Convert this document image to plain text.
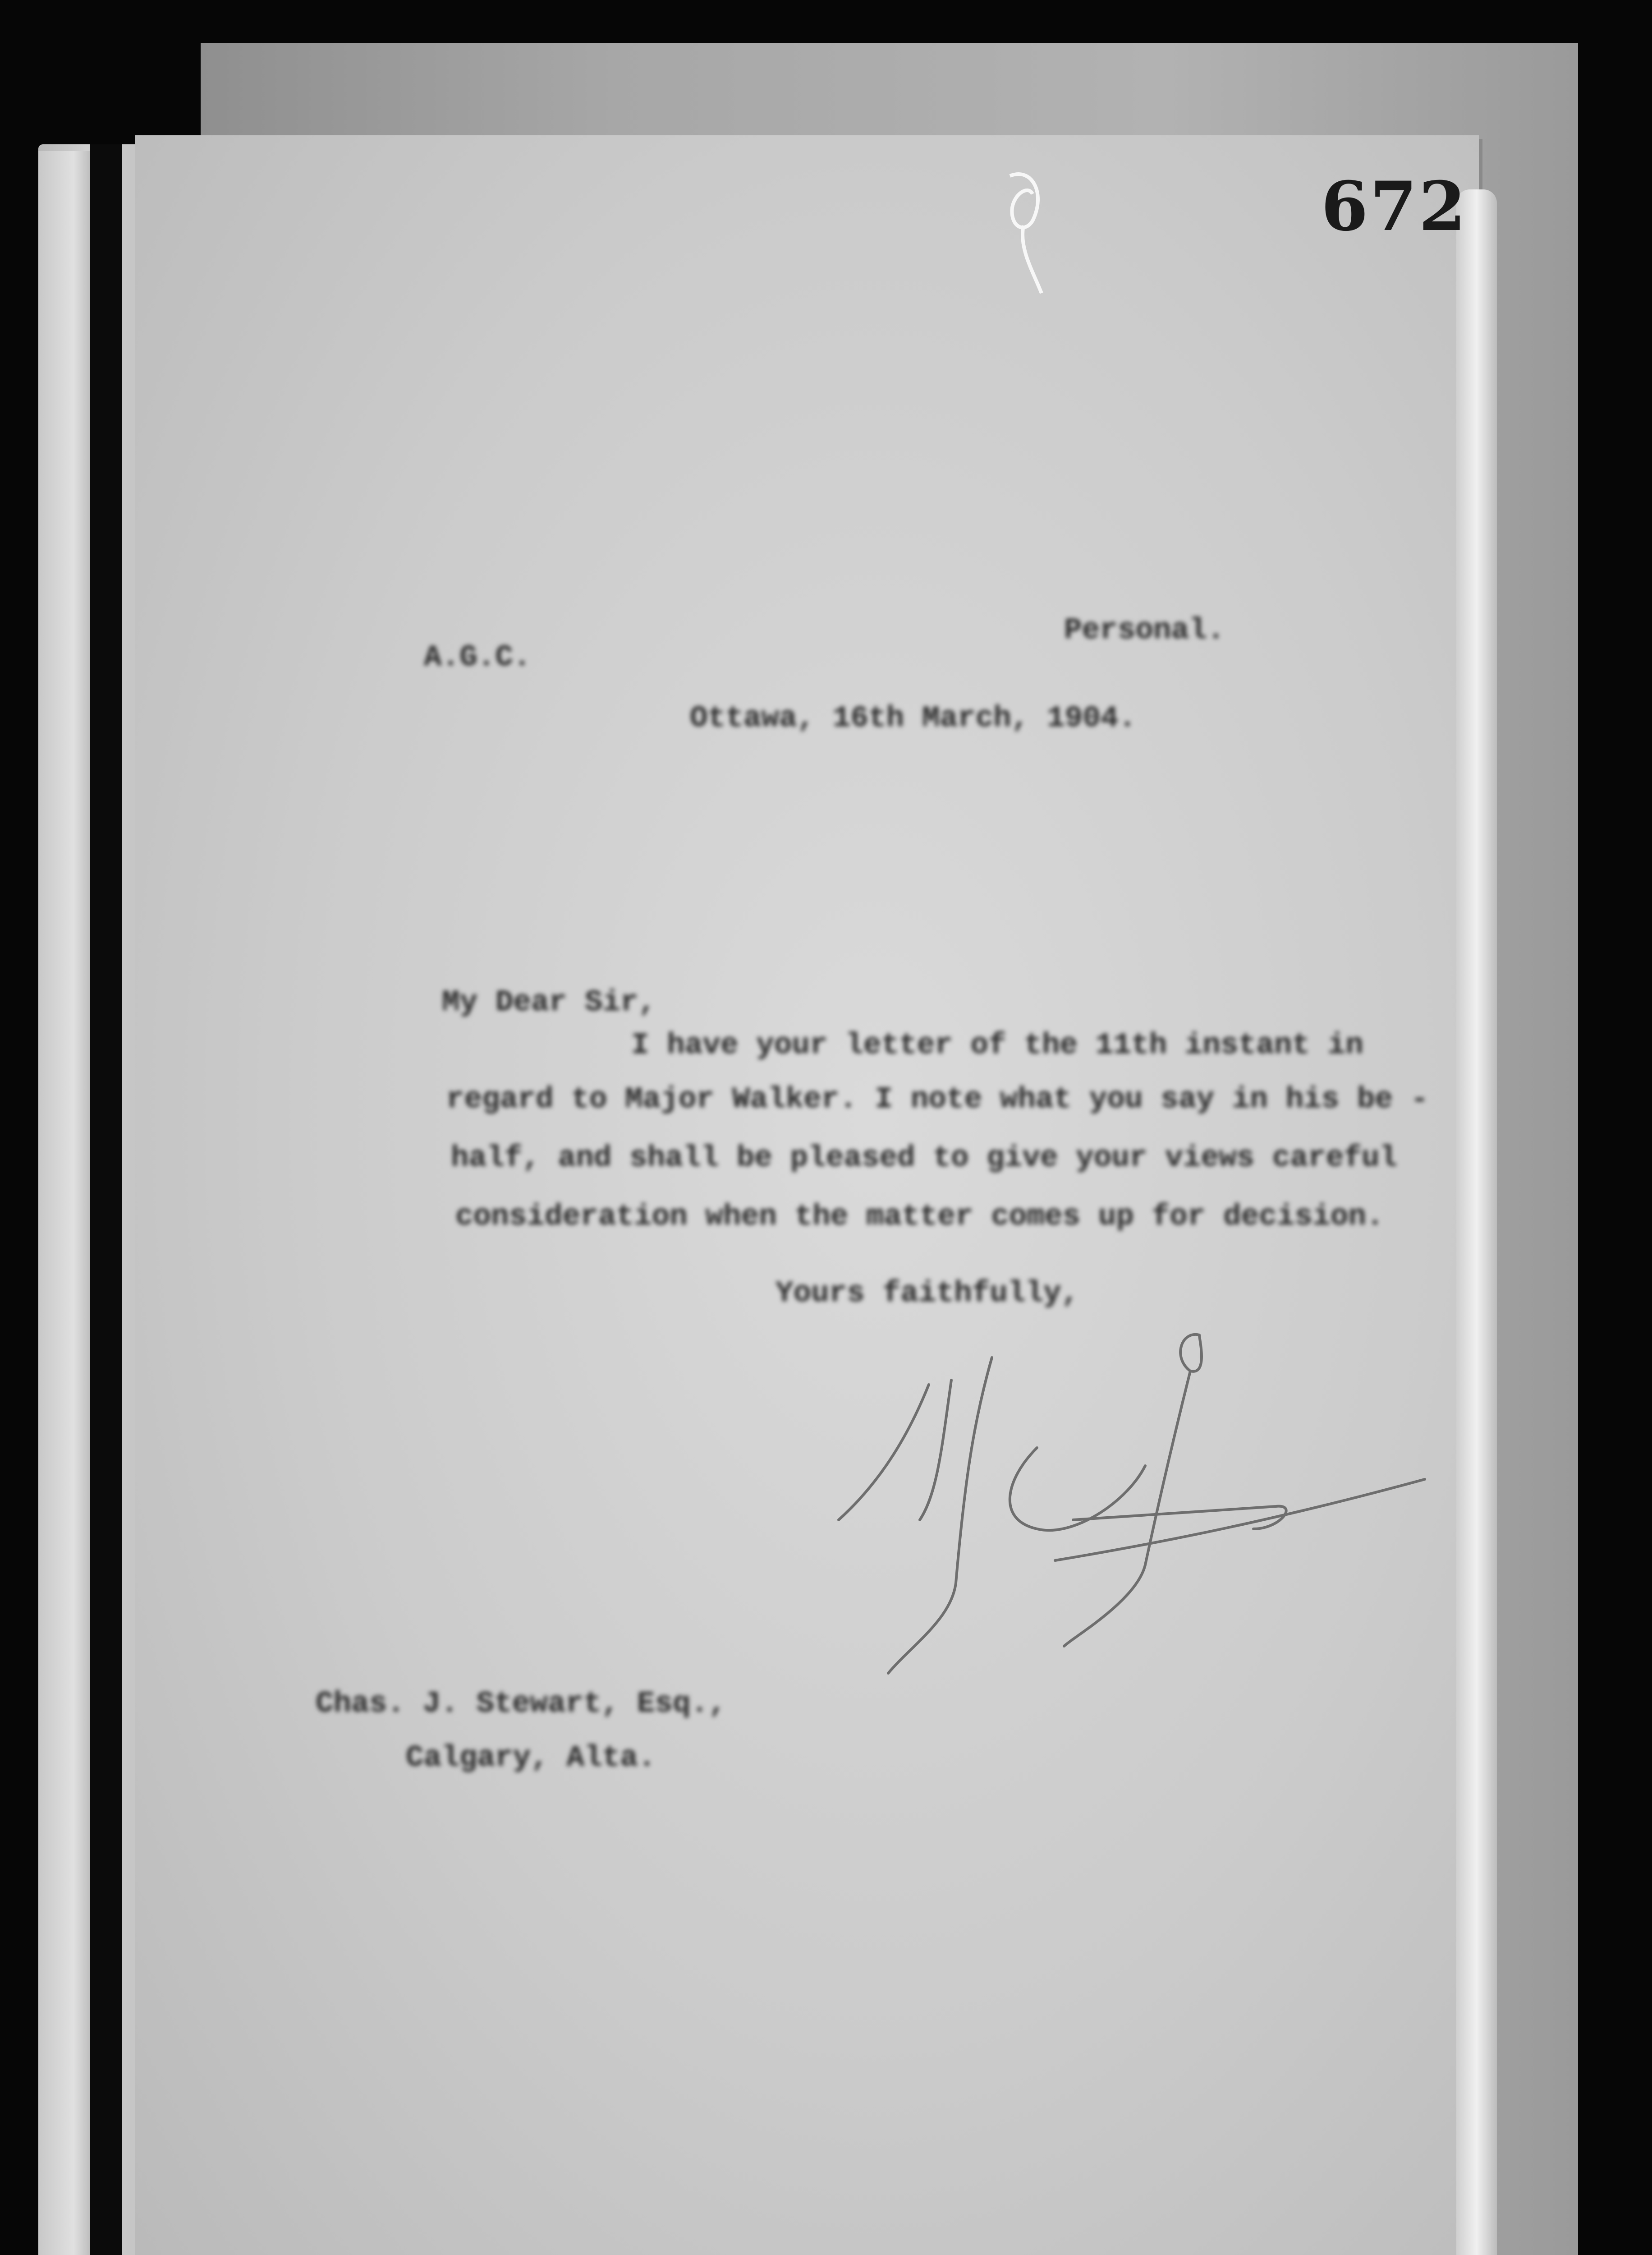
672
A.G.C.
Personal.
Ottawa, 16th March, 1904.
My Dear Sir,
I have your letter of the 11th instant in
regard to Major Walker. I note what you say in his be -
half, and shall be pleased to give your views careful
consideration when the matter comes up for decision.
Yours faithfully,
Chas. J. Stewart, Esq.,
Calgary, Alta.
